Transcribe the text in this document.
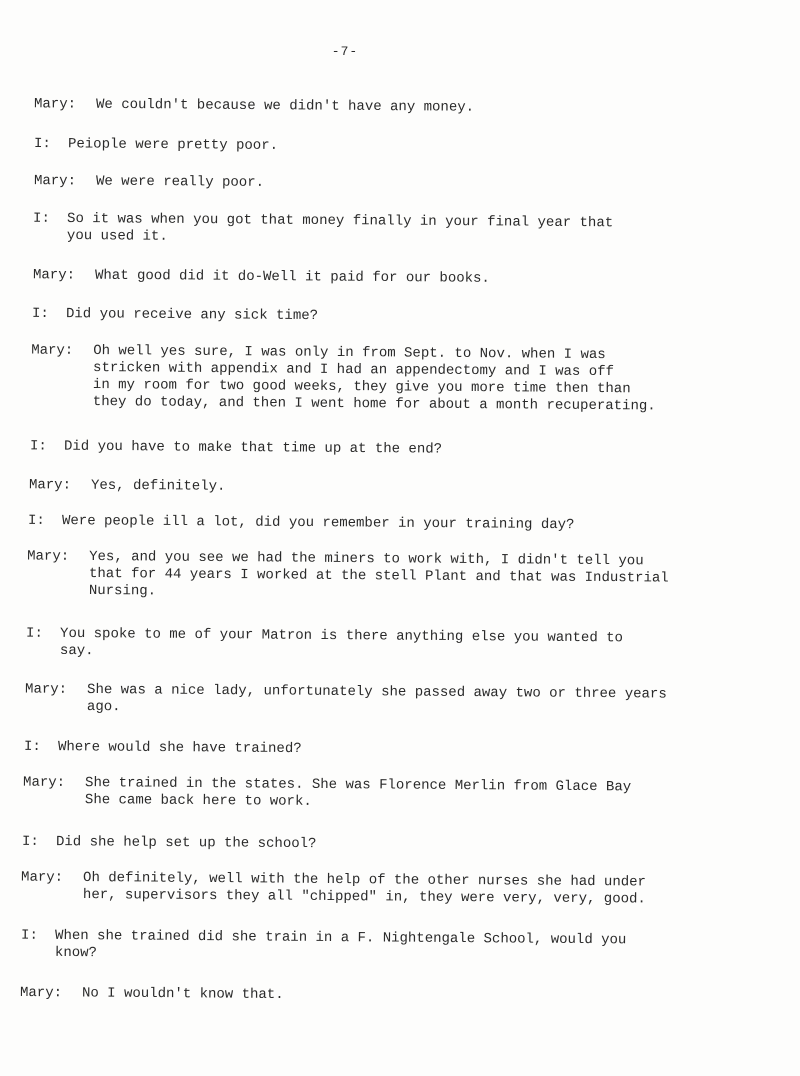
-7-
Mary: We couldn't because we didn't have any money.
I: Peiople were pretty poor.
Mary: We were really poor.
I: So it was when you got that money finally in your final year that
you used it.
Mary: What good did it do-Well it paid for our books.
I: Did you receive any sick time?
Mary: Oh well yes sure, I was only in from Sept. to Nov. when I was
stricken with appendix and I had an appendectomy and I was off
in my room for two good weeks, they give you more time then than
they do today, and then I went home for about a month recuperating.
I: Did you have to make that time up at the end?
Mary: Yes, definitely.
I: Were people ill a lot, did you remember in your training day?
Mary: Yes, and you see we had the miners to work with, I didn't tell you
that for 44 years I worked at the stell Plant and that was Industrial
Nursing.
I: You spoke to me of your Matron is there anything else you wanted to
say.
Mary: She was a nice lady, unfortunately she passed away two or three years
ago.
I: Where would she have trained?
Mary: She trained in the states. She was Florence Merlin from Glace Bay
She came back here to work.
I: Did she help set up the school?
Mary: Oh definitely, well with the help of the other nurses she had under
her, supervisors they all "chipped" in, they were very, very, good.
I: When she trained did she train in a F. Nightengale School, would you
know?
Mary: No I wouldn't know that.
